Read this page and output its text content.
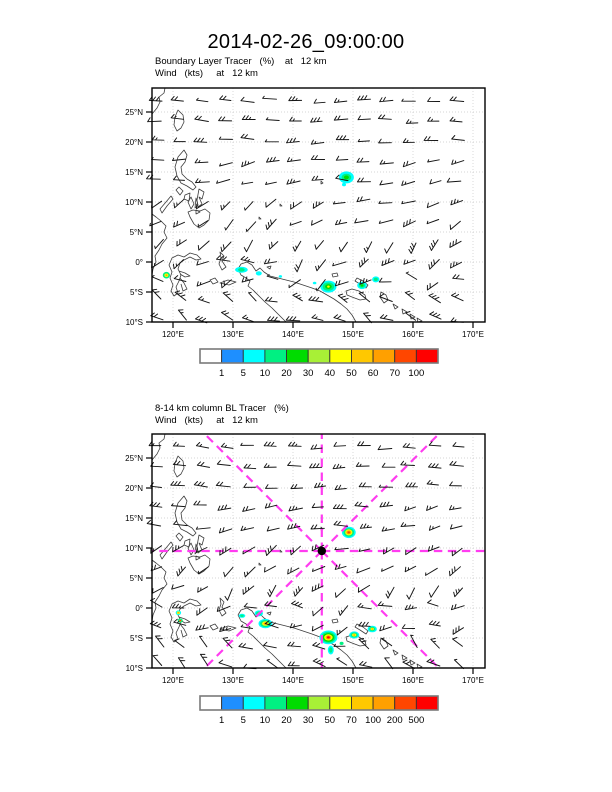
2014-02-26_09:00:00
Boundary Layer Tracer   (%)    at   12 km
Wind   (kts)     at   12 km
8-14 km column BL Tracer   (%)
Wind   (kts)     at   12 km
25°N
20°N
15°N
10°N
5°N
0°
5°S
10°S
120°E	130°E	140°E	150°E	160°E	170°E
1 5 10 20 30 40 50 60 70 100
25°N
20°N
15°N
10°N
5°N
0°
5°S
10°S
120°E	130°E	140°E	150°E	160°E	170°E
1 5 10 20 30 50 70 100 200 500
